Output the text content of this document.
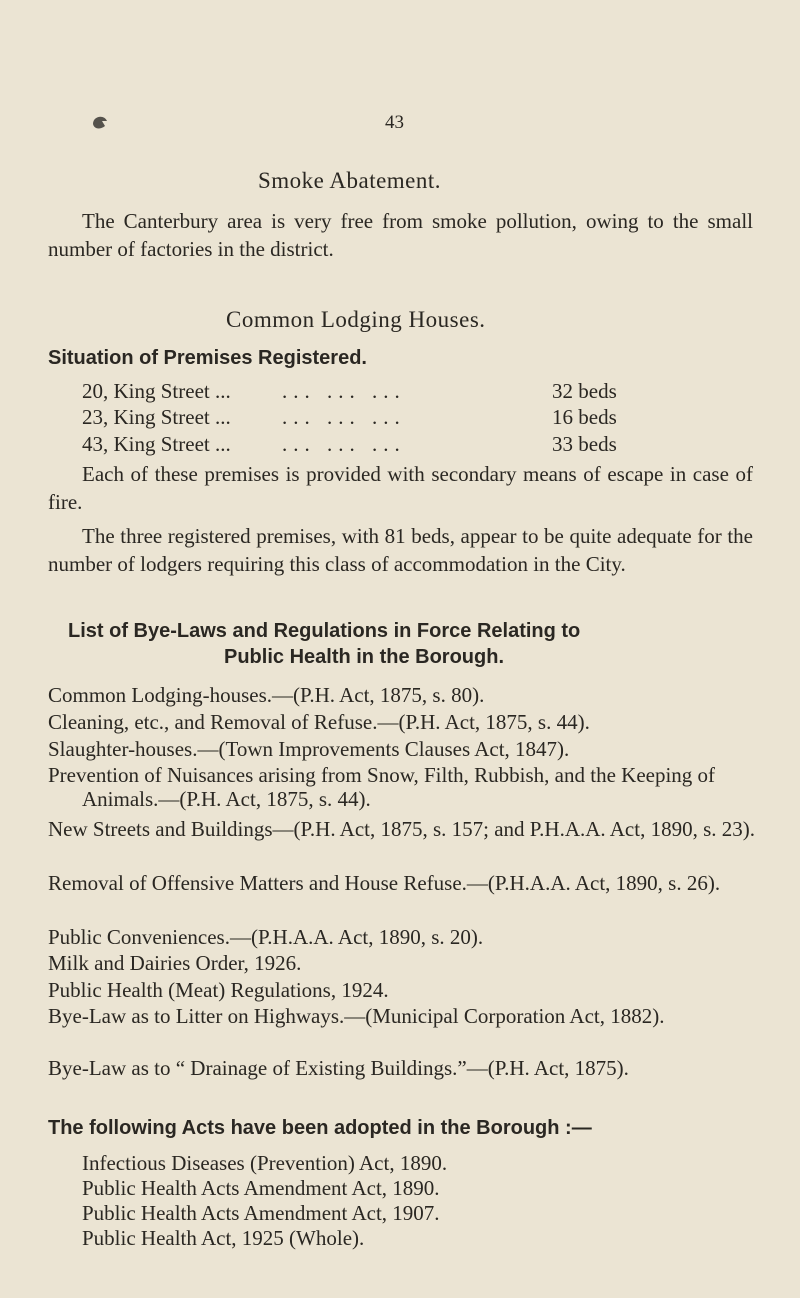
43
Smoke Abatement.
The Canterbury area is very free from smoke pollution, owing to the small number of factories in the district.
Common Lodging Houses.
Situation of Premises Registered.
20, King Street ... ... ... ...	32 beds
23, King Street ... ... ... ...	16 beds
43, King Street ... ... ... ...	33 beds
Each of these premises is provided with secondary means of escape in case of fire.
The three registered premises, with 81 beds, appear to be quite adequate for the number of lodgers requiring this class of accommodation in the City.
List of Bye-Laws and Regulations in Force Relating to
Public Health in the Borough.
Common Lodging-houses.—(P.H. Act, 1875, s. 80).
Cleaning, etc., and Removal of Refuse.—(P.H. Act, 1875, s. 44).
Slaughter-houses.—(Town Improvements Clauses Act, 1847).
Prevention of Nuisances arising from Snow, Filth, Rubbish, and the Keeping of Animals.—(P.H. Act, 1875, s. 44).
New Streets and Buildings—(P.H. Act, 1875, s. 157; and P.H.A.A. Act, 1890, s. 23).
Removal of Offensive Matters and House Refuse.—(P.H.A.A. Act, 1890, s. 26).
Public Conveniences.—(P.H.A.A. Act, 1890, s. 20).
Milk and Dairies Order, 1926.
Public Health (Meat) Regulations, 1924.
Bye-Law as to Litter on Highways.—(Municipal Corporation Act, 1882).
Bye-Law as to “ Drainage of Existing Buildings.”—(P.H. Act, 1875).
The following Acts have been adopted in the Borough :—
Infectious Diseases (Prevention) Act, 1890.
Public Health Acts Amendment Act, 1890.
Public Health Acts Amendment Act, 1907.
Public Health Act, 1925 (Whole).
